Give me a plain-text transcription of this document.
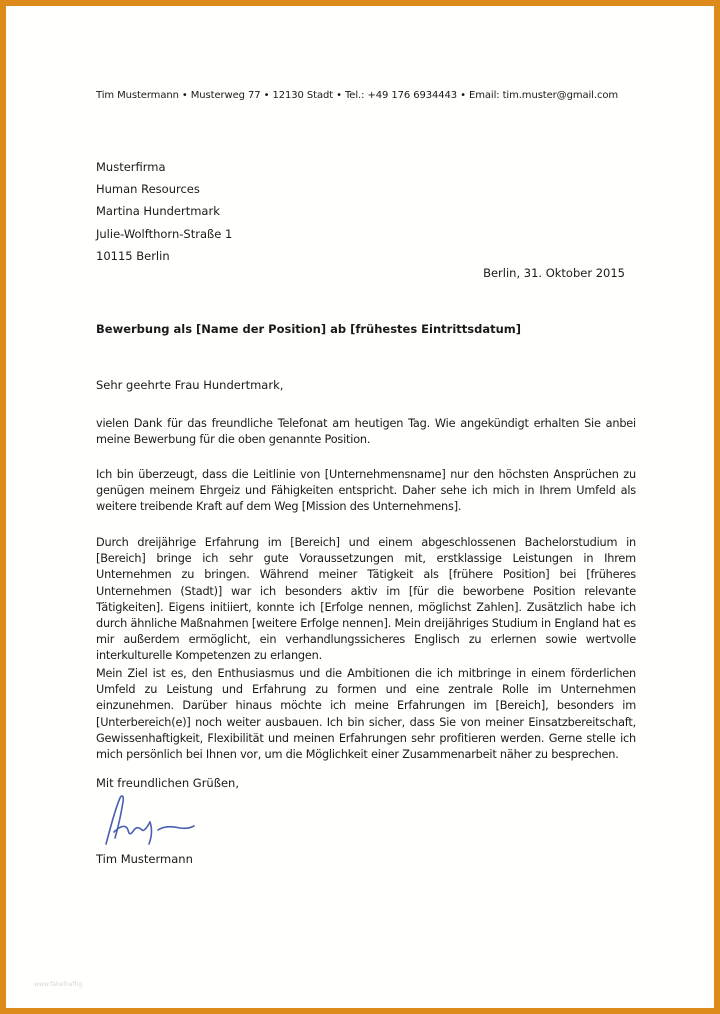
Tim Mustermann • Musterweg 77 • 12130 Stadt • Tel.: +49 176 6934443 • Email: tim.muster@gmail.com
Musterfirma
Human Resources
Martina Hundertmark
Julie-Wolfthorn-Straße 1
10115 Berlin
Berlin, 31. Oktober 2015
Bewerbung als [Name der Position] ab [frühestes Eintrittsdatum]
Sehr geehrte Frau Hundertmark,
vielen Dank für das freundliche Telefonat am heutigen Tag. Wie angekündigt erhalten Sie anbei meine Bewerbung für die oben genannte Position.
Ich bin überzeugt, dass die Leitlinie von [Unternehmensname] nur den höchsten Ansprüchen zu genügen meinem Ehrgeiz und Fähigkeiten entspricht. Daher sehe ich mich in Ihrem Umfeld als weitere treibende Kraft auf dem Weg [Mission des Unternehmens].
Durch dreijährige Erfahrung im [Bereich] und einem abgeschlossenen Bachelorstudium in [Bereich] bringe ich sehr gute Voraussetzungen mit, erstklassige Leistungen in Ihrem Unternehmen zu bringen. Während meiner Tätigkeit als [frühere Position] bei [früheres Unternehmen (Stadt)] war ich besonders aktiv im [für die beworbene Position relevante Tätigkeiten]. Eigens initiiert, konnte ich [Erfolge nennen, möglichst Zahlen]. Zusätzlich habe ich durch ähnliche Maßnahmen [weitere Erfolge nennen]. Mein dreijähriges Studium in England hat es mir außerdem ermöglicht, ein verhandlungssicheres Englisch zu erlernen sowie wertvolle interkulturelle Kompetenzen zu erlangen.
Mein Ziel ist es, den Enthusiasmus und die Ambitionen die ich mitbringe in einem förderlichen Umfeld zu Leistung und Erfahrung zu formen und eine zentrale Rolle im Unternehmen einzunehmen. Darüber hinaus möchte ich meine Erfahrungen im [Bereich], besonders im [Unterbereich(e)] noch weiter ausbauen. Ich bin sicher, dass Sie von meiner Einsatzbereitschaft, Gewissenhaftigkeit, Flexibilität und meinen Erfahrungen sehr profitieren werden. Gerne stelle ich mich persönlich bei Ihnen vor, um die Möglichkeit einer Zusammenarbeit näher zu besprechen.
Mit freundlichen Grüßen,
Tim Mustermann
www.fabelhaftig
